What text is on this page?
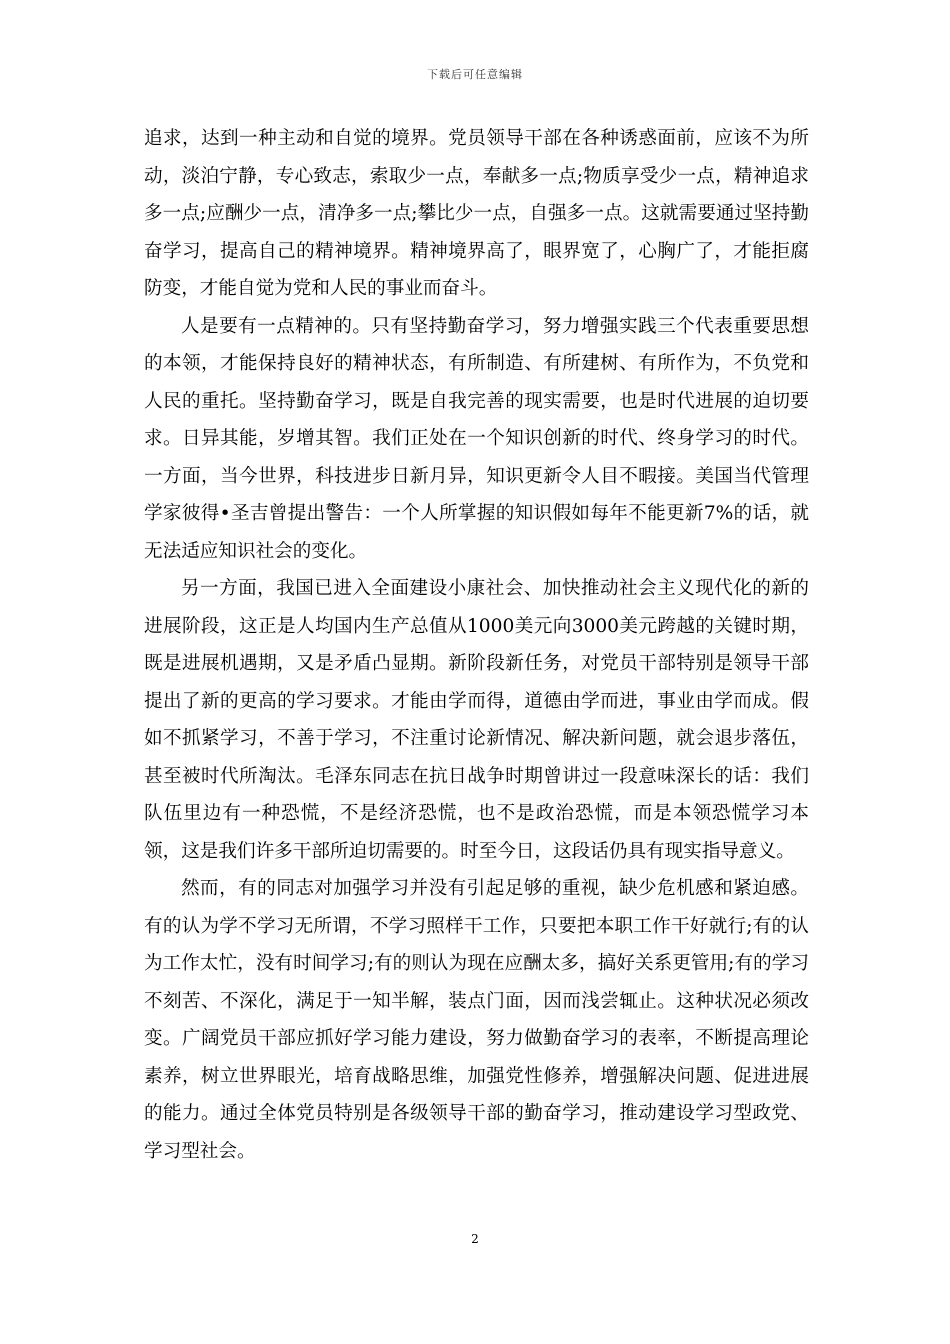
下载后可任意编辑

追求，达到一种主动和自觉的境界。党员领导干部在各种诱惑面前，应该不为所动，淡泊宁静，专心致志，索取少一点，奉献多一点;物质享受少一点，精神追求多一点;应酬少一点，清净多一点;攀比少一点，自强多一点。这就需要通过坚持勤奋学习，提高自己的精神境界。精神境界高了，眼界宽了，心胸广了，才能拒腐防变，才能自觉为党和人民的事业而奋斗。

人是要有一点精神的。只有坚持勤奋学习，努力增强实践三个代表重要思想的本领，才能保持良好的精神状态，有所制造、有所建树、有所作为，不负党和人民的重托。坚持勤奋学习，既是自我完善的现实需要，也是时代进展的迫切要求。日异其能，岁增其智。我们正处在一个知识创新的时代、终身学习的时代。一方面，当今世界，科技进步日新月异，知识更新令人目不暇接。美国当代管理学家彼得•圣吉曾提出警告：一个人所掌握的知识假如每年不能更新7%的话，就无法适应知识社会的变化。

另一方面，我国已进入全面建设小康社会、加快推动社会主义现代化的新的进展阶段，这正是人均国内生产总值从1000美元向3000美元跨越的关键时期，既是进展机遇期，又是矛盾凸显期。新阶段新任务，对党员干部特别是领导干部提出了新的更高的学习要求。才能由学而得，道德由学而进，事业由学而成。假如不抓紧学习，不善于学习，不注重讨论新情况、解决新问题，就会退步落伍，甚至被时代所淘汰。毛泽东同志在抗日战争时期曾讲过一段意味深长的话：我们队伍里边有一种恐慌，不是经济恐慌，也不是政治恐慌，而是本领恐慌学习本领，这是我们许多干部所迫切需要的。时至今日，这段话仍具有现实指导意义。

然而，有的同志对加强学习并没有引起足够的重视，缺少危机感和紧迫感。有的认为学不学习无所谓，不学习照样干工作，只要把本职工作干好就行;有的认为工作太忙，没有时间学习;有的则认为现在应酬太多，搞好关系更管用;有的学习不刻苦、不深化，满足于一知半解，装点门面，因而浅尝辄止。这种状况必须改变。广阔党员干部应抓好学习能力建设，努力做勤奋学习的表率，不断提高理论素养，树立世界眼光，培育战略思维，加强党性修养，增强解决问题、促进进展的能力。通过全体党员特别是各级领导干部的勤奋学习，推动建设学习型政党、学习型社会。

2
